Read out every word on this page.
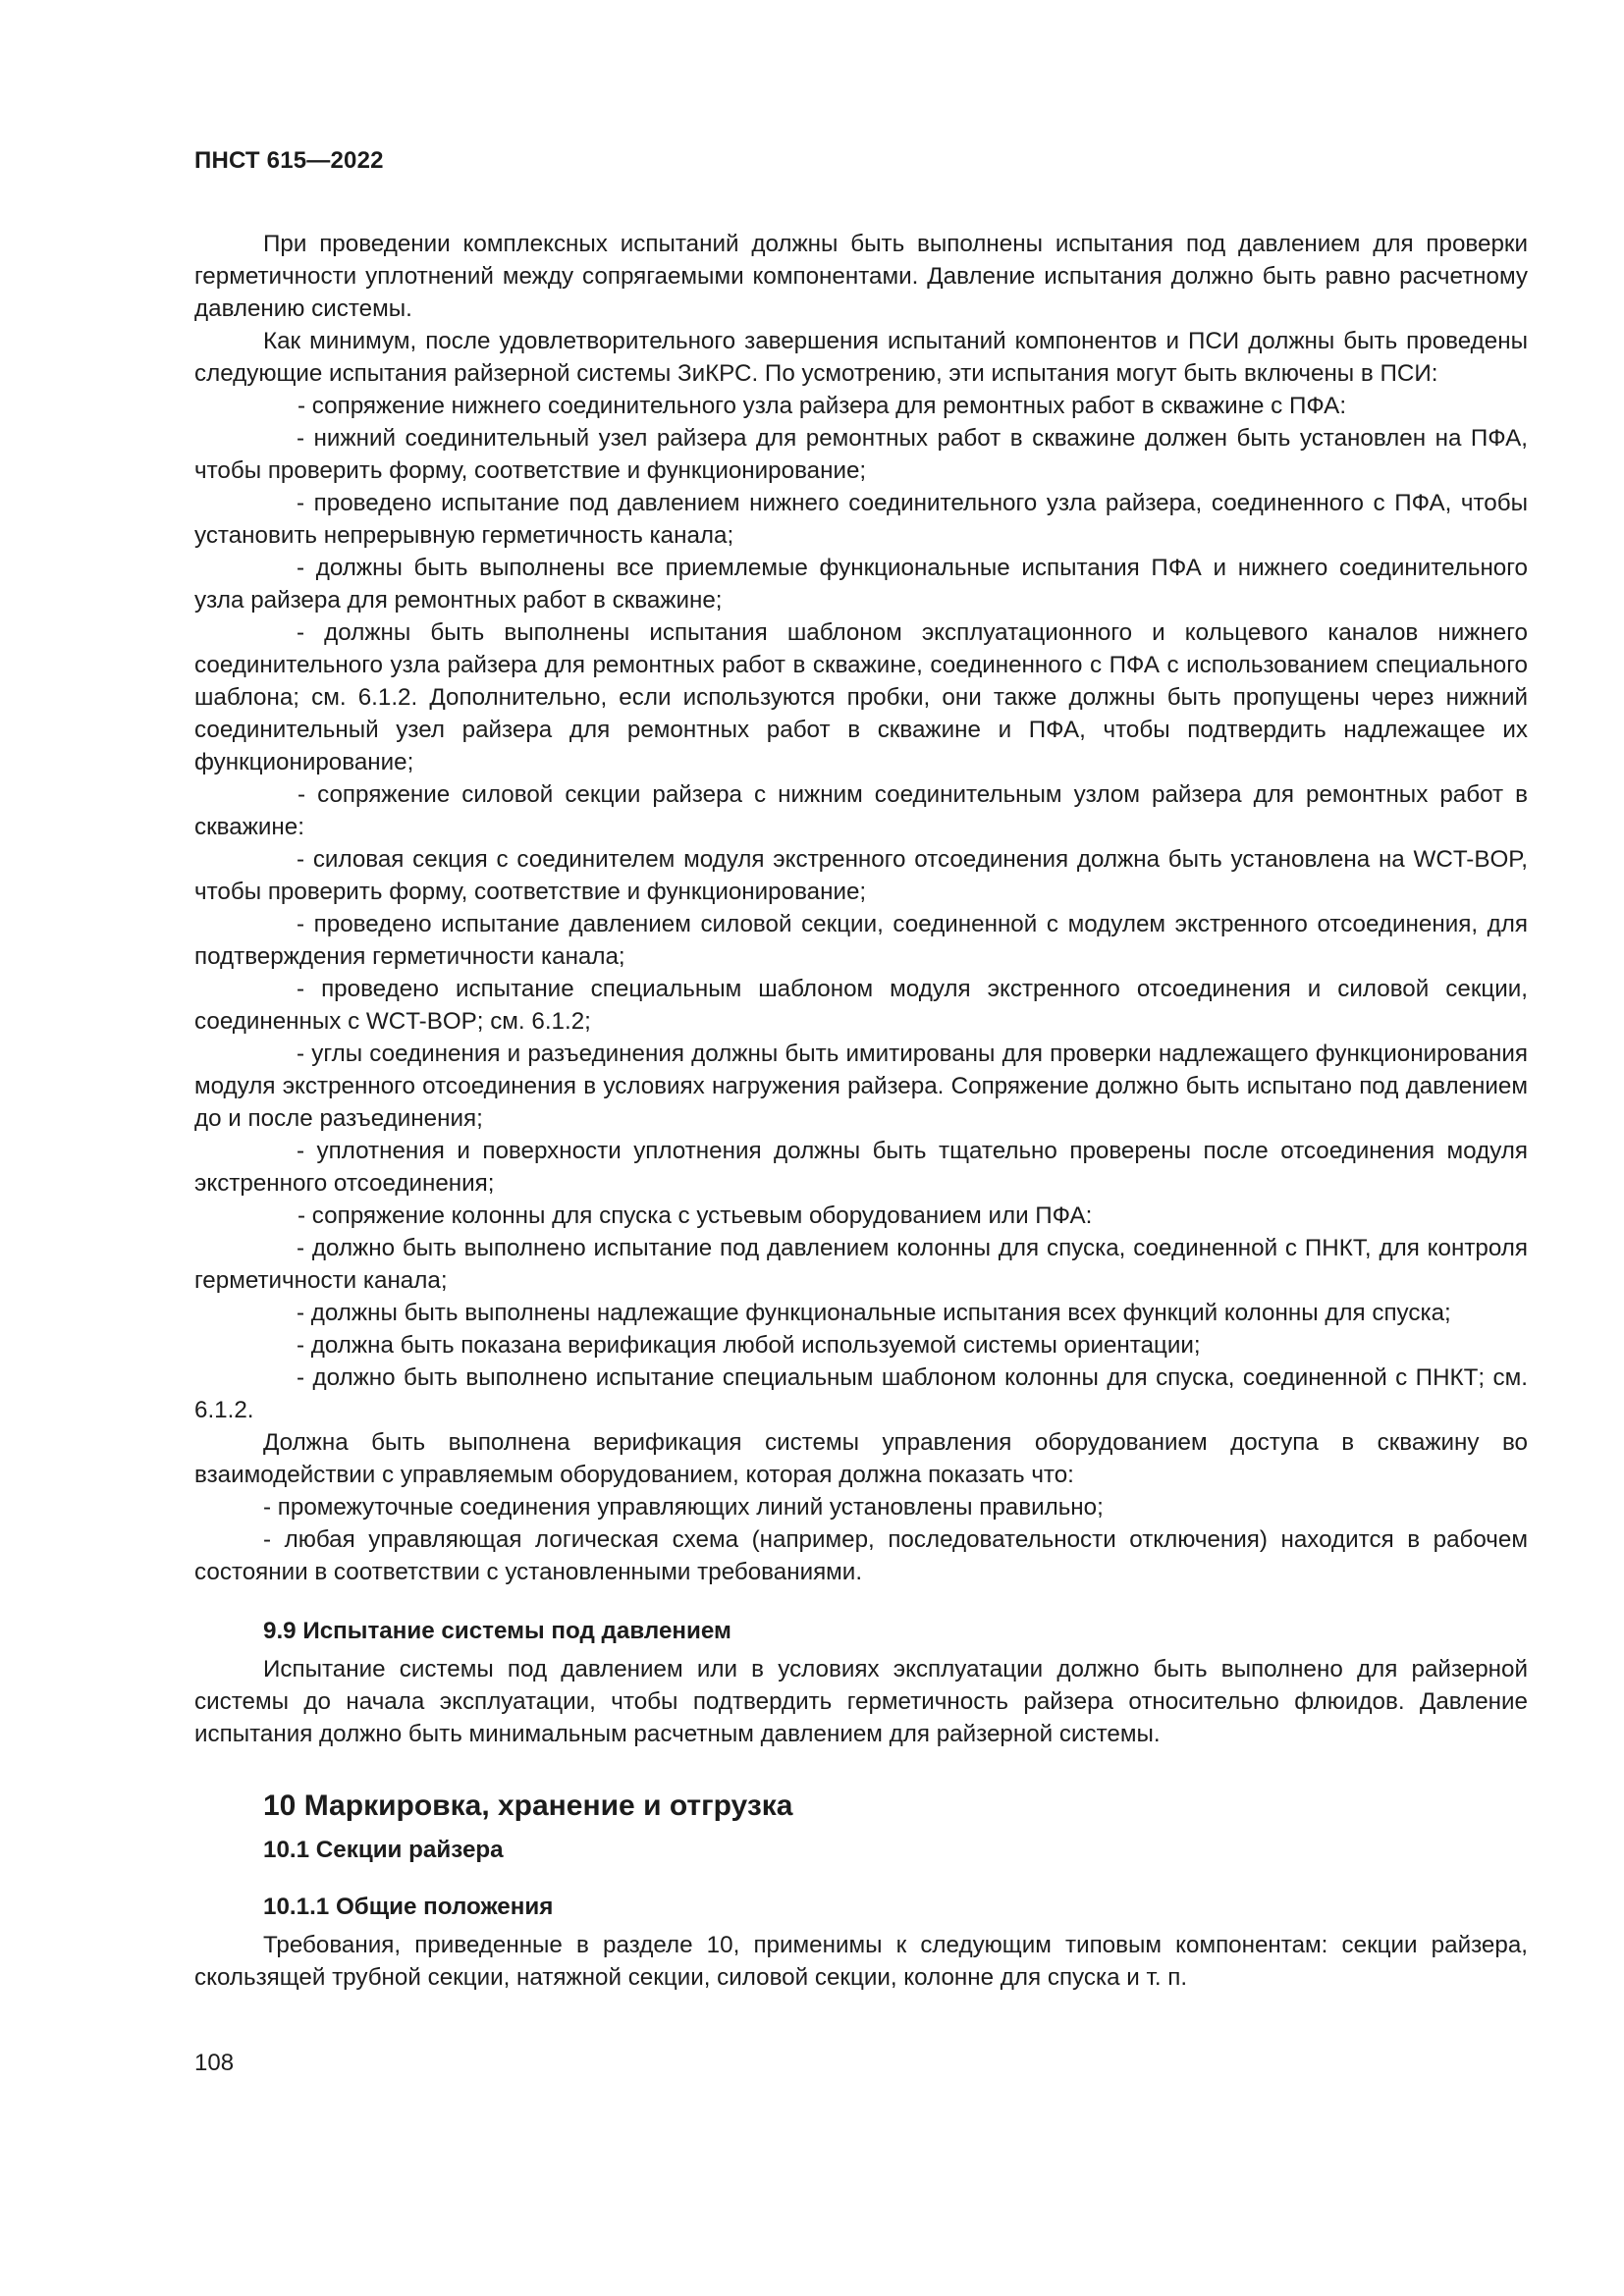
ПНСТ 615—2022

При проведении комплексных испытаний должны быть выполнены испытания под давлением для проверки герметичности уплотнений между сопрягаемыми компонентами. Давление испытания должно быть равно расчетному давлению системы.

Как минимум, после удовлетворительного завершения испытаний компонентов и ПСИ должны быть проведены следующие испытания райзерной системы ЗиКРС. По усмотрению, эти испытания могут быть включены в ПСИ:

- сопряжение нижнего соединительного узла райзера для ремонтных работ в скважине с ПФА:

- нижний соединительный узел райзера для ремонтных работ в скважине должен быть установлен на ПФА, чтобы проверить форму, соответствие и функционирование;

- проведено испытание под давлением нижнего соединительного узла райзера, соединенного с ПФА, чтобы установить непрерывную герметичность канала;

- должны быть выполнены все приемлемые функциональные испытания ПФА и нижнего соединительного узла райзера для ремонтных работ в скважине;

- должны быть выполнены испытания шаблоном эксплуатационного и кольцевого каналов нижнего соединительного узла райзера для ремонтных работ в скважине, соединенного с ПФА с использованием специального шаблона; см. 6.1.2. Дополнительно, если используются пробки, они также должны быть пропущены через нижний соединительный узел райзера для ремонтных работ в скважине и ПФА, чтобы подтвердить надлежащее их функционирование;

- сопряжение силовой секции райзера с нижним соединительным узлом райзера для ремонтных работ в скважине:

- силовая секция с соединителем модуля экстренного отсоединения должна быть установлена на WCT-BOP, чтобы проверить форму, соответствие и функционирование;

- проведено испытание давлением силовой секции, соединенной с модулем экстренного отсоединения, для подтверждения герметичности канала;

- проведено испытание специальным шаблоном модуля экстренного отсоединения и силовой секции, соединенных с WCT-BOP; см. 6.1.2;

- углы соединения и разъединения должны быть имитированы для проверки надлежащего функционирования модуля экстренного отсоединения в условиях нагружения райзера. Сопряжение должно быть испытано под давлением до и после разъединения;

- уплотнения и поверхности уплотнения должны быть тщательно проверены после отсоединения модуля экстренного отсоединения;

- сопряжение колонны для спуска с устьевым оборудованием или ПФА:

- должно быть выполнено испытание под давлением колонны для спуска, соединенной с ПНКТ, для контроля герметичности канала;

- должны быть выполнены надлежащие функциональные испытания всех функций колонны для спуска;

- должна быть показана верификация любой используемой системы ориентации;

- должно быть выполнено испытание специальным шаблоном колонны для спуска, соединенной с ПНКТ; см. 6.1.2.

Должна быть выполнена верификация системы управления оборудованием доступа в скважину во взаимодействии с управляемым оборудованием, которая должна показать что:

- промежуточные соединения управляющих линий установлены правильно;

- любая управляющая логическая схема (например, последовательности отключения) находится в рабочем состоянии в соответствии с установленными требованиями.

9.9 Испытание системы под давлением

Испытание системы под давлением или в условиях эксплуатации должно быть выполнено для райзерной системы до начала эксплуатации, чтобы подтвердить герметичность райзера относительно флюидов. Давление испытания должно быть минимальным расчетным давлением для райзерной системы.

10 Маркировка, хранение и отгрузка
10.1 Секции райзера
10.1.1 Общие положения

Требования, приведенные в разделе 10, применимы к следующим типовым компонентам: секции райзера, скользящей трубной секции, натяжной секции, силовой секции, колонне для спуска и т. п.

108
